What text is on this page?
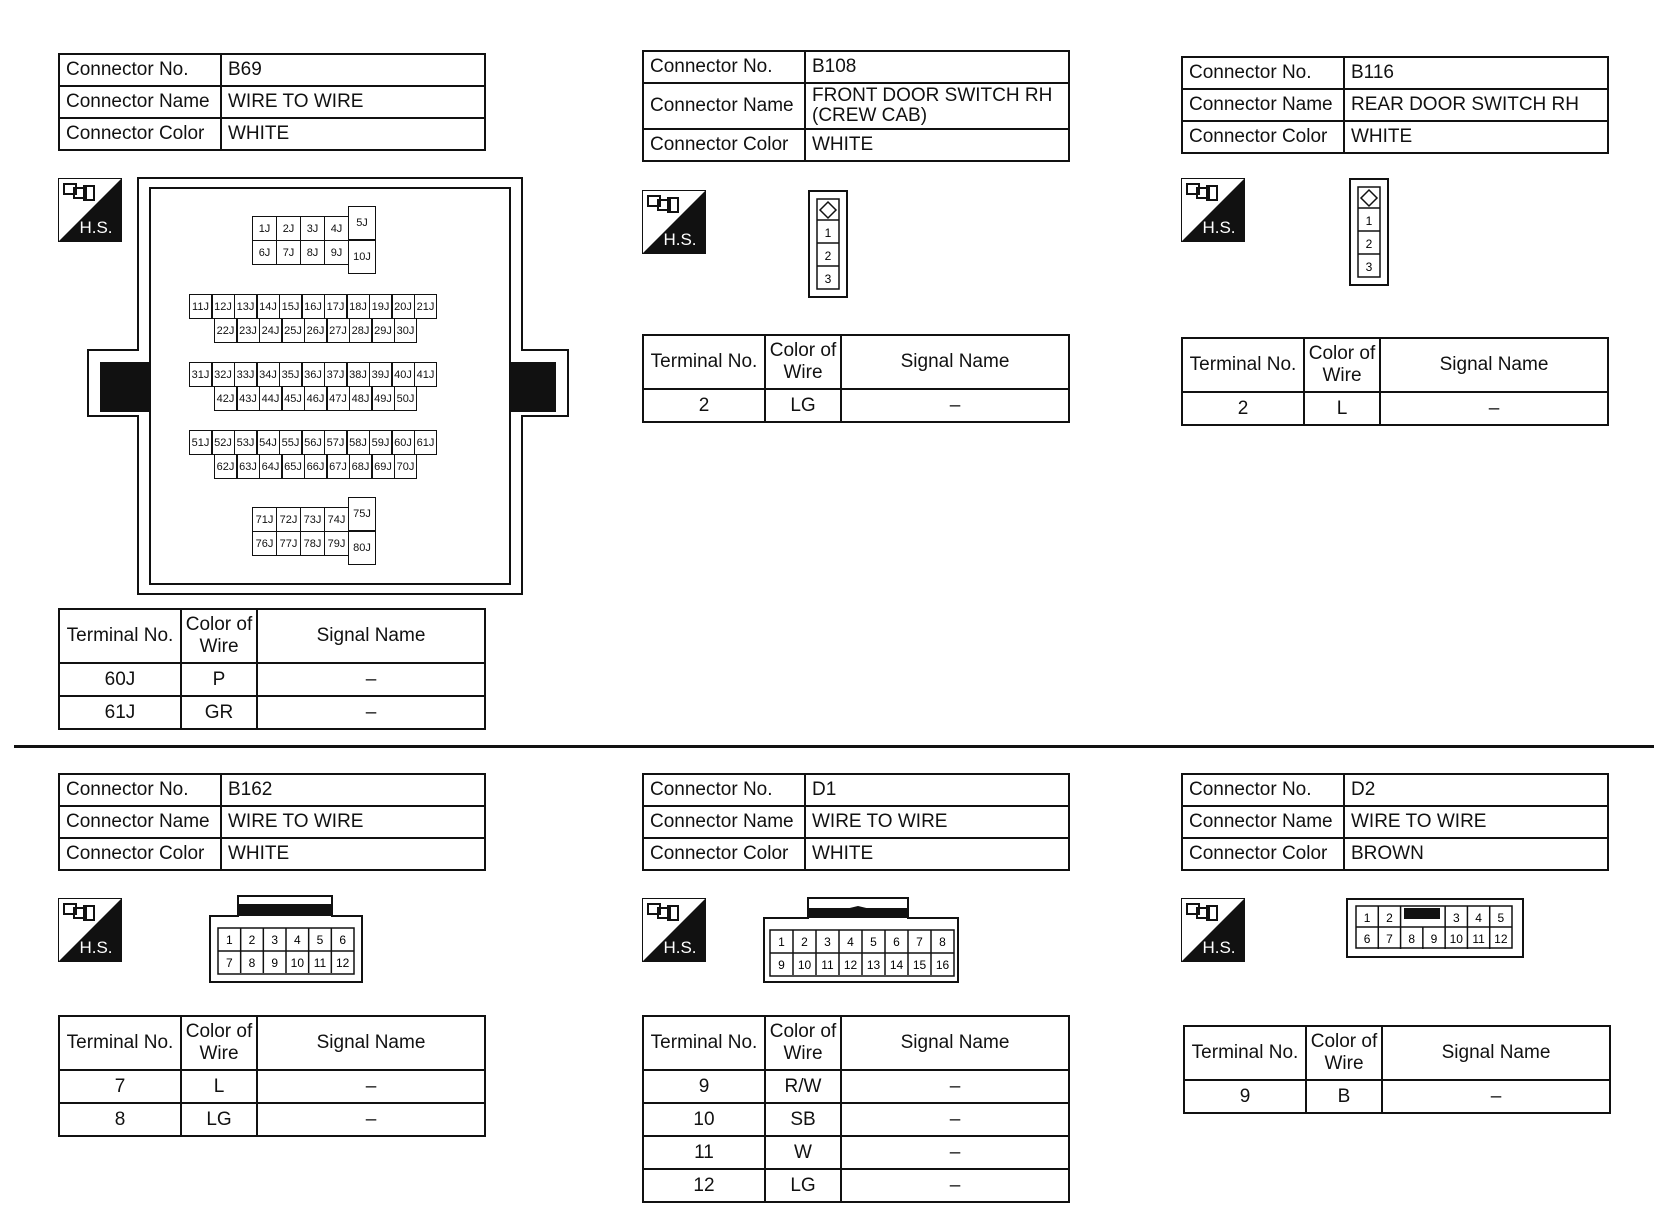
Connector No.	B69
Connector Name	WIRE TO WIRE
Connector Color	WHITE
H.S.	1J	2J	3J	4J
6J	7J	8J	9J
5J
10J
11J 12J 13J 14J 15J 16J 17J 18J 19J 20J 21J
22J 23J 24J 25J 26J 27J 28J 29J 30J
31J 32J 33J 34J 35J 36J 37J 38J 39J 40J 41J
42J 43J 44J 45J 46J 47J 48J 49J 50J
51J 52J 53J 54J 55J 56J 57J 58J 59J 60J 61J
62J 63J 64J 65J 66J 67J 68J 69J 70J
71J 72J 73J 74J
76J 77J 78J 79J
75J
80J
Terminal No.	Color of
Wire	Signal Name
60J	P	–
61J	GR	–
Connector No.	B108
Connector Name	FRONT DOOR SWITCH RH
(CREW CAB)
Connector Color	WHITE
H.S.	1
2
3
Terminal No.	Color of
Wire	Signal Name
2	LG	–
Connector No.	B116
Connector Name	REAR DOOR SWITCH RH
Connector Color	WHITE
H.S.	1
2
3
Terminal No.	Color of
Wire	Signal Name
2	L	–
Connector No.	B162
Connector Name	WIRE TO WIRE
Connector Color	WHITE
H.S.	1 2 3 4 5 6
7 8 9 10 11 12
Terminal No.	Color of
Wire	Signal Name
7	L	–
8	LG	–
Connector No.	D1
Connector Name	WIRE TO WIRE
Connector Color	WHITE
H.S.	1 2 3 4 5 6 7 8
9 10 11 12 13 14 15 16
Terminal No.	Color of
Wire	Signal Name
9	R/W	–
10	SB	–
11	W	–
12	LG	–
Connector No.	D2
Connector Name	WIRE TO WIRE
Connector Color	BROWN
H.S.
1 2	3 4 5
6 7 8 9 10 11 12
Terminal No.	Color of
Wire	Signal Name
9	B	–
